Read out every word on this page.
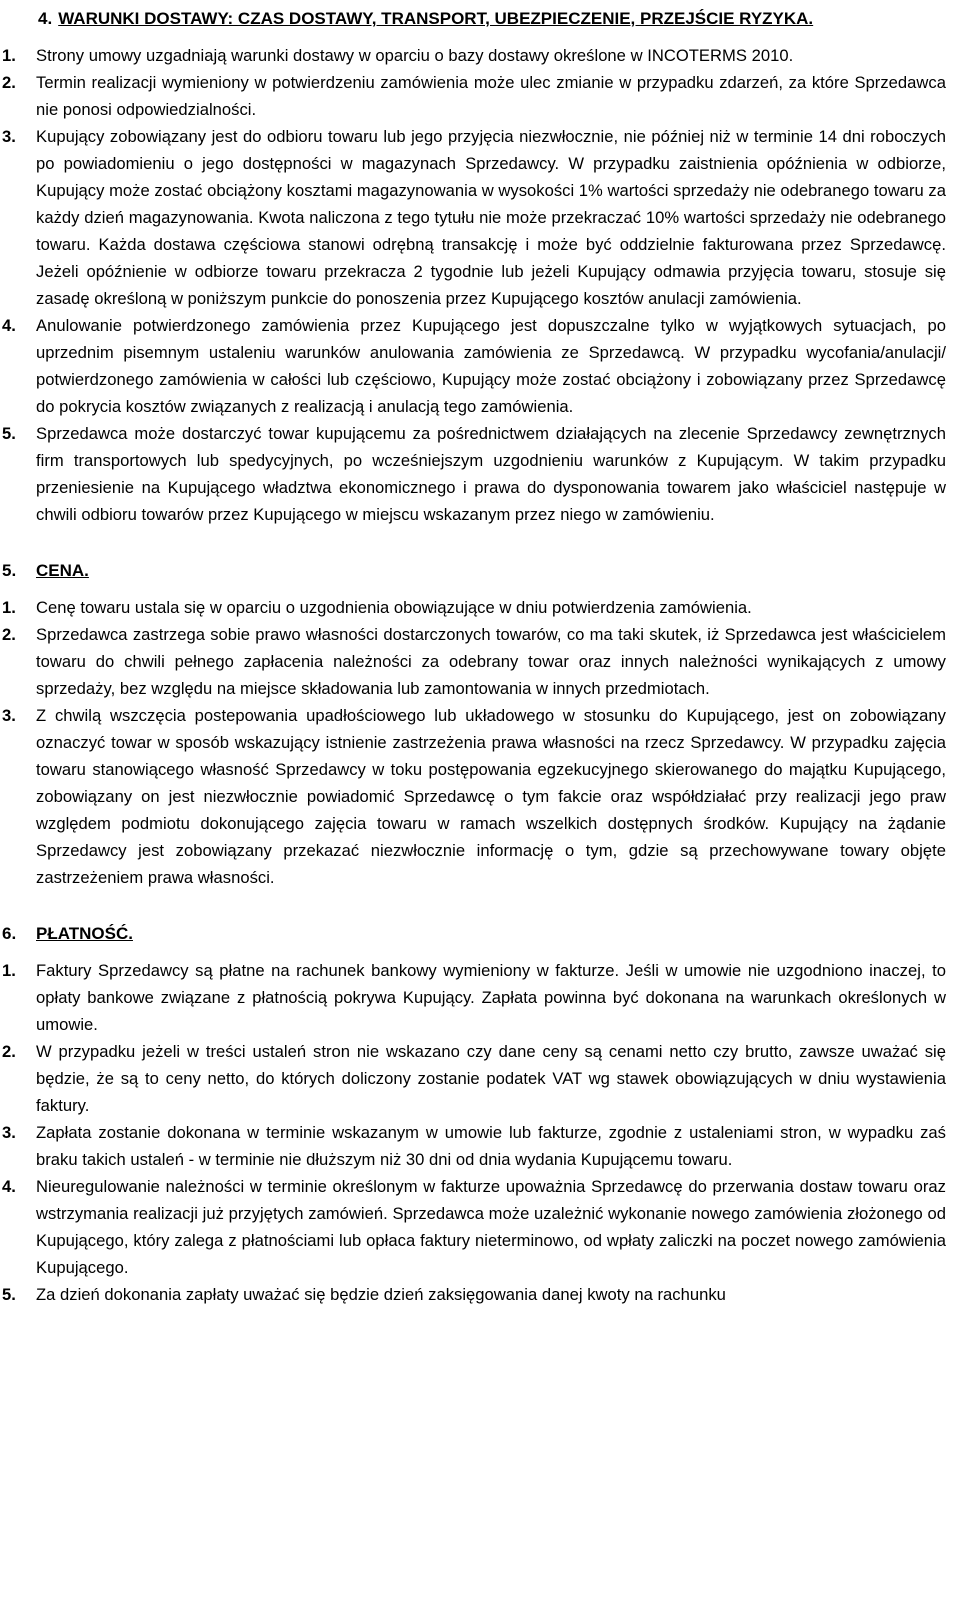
4. WARUNKI DOSTAWY: CZAS DOSTAWY, TRANSPORT, UBEZPIECZENIE, PRZEJŚCIE RYZYKA.
1.	Strony umowy uzgadniają warunki dostawy w oparciu o bazy dostawy określone w INCOTERMS 2010.
2.	Termin realizacji wymieniony w potwierdzeniu zamówienia może ulec zmianie w przypadku zdarzeń, za które Sprzedawca nie ponosi odpowiedzialności.
3.	Kupujący zobowiązany jest do odbioru towaru lub jego przyjęcia niezwłocznie, nie później niż w terminie 14 dni roboczych po powiadomieniu o jego dostępności w magazynach Sprzedawcy. W przypadku zaistnienia opóźnienia w odbiorze, Kupujący może zostać obciążony kosztami magazynowania w wysokości 1% wartości sprzedaży nie odebranego towaru za każdy dzień magazynowania. Kwota naliczona z tego tytułu nie może przekraczać 10% wartości sprzedaży nie odebranego towaru. Każda dostawa częściowa stanowi odrębną transakcję i może być oddzielnie fakturowana przez Sprzedawcę. Jeżeli opóźnienie w odbiorze towaru przekracza 2 tygodnie lub jeżeli Kupujący odmawia przyjęcia towaru, stosuje się zasadę określoną w poniższym punkcie do ponoszenia przez Kupującego kosztów anulacji zamówienia.
4.	Anulowanie potwierdzonego zamówienia przez Kupującego jest dopuszczalne tylko w wyjątkowych sytuacjach, po uprzednim pisemnym ustaleniu warunków anulowania zamówienia ze Sprzedawcą. W przypadku wycofania/anulacji/ potwierdzonego zamówienia w całości lub częściowo, Kupujący może zostać obciążony i zobowiązany przez Sprzedawcę do pokrycia kosztów związanych z realizacją i anulacją tego zamówienia.
5.	Sprzedawca może dostarczyć towar kupującemu za pośrednictwem działających na zlecenie Sprzedawcy zewnętrznych firm transportowych lub spedycyjnych, po wcześniejszym uzgodnieniu warunków z Kupującym. W takim przypadku przeniesienie na Kupującego władztwa ekonomicznego i prawa do dysponowania towarem jako właściciel następuje w chwili odbioru towarów przez Kupującego w miejscu wskazanym przez niego w zamówieniu.
5.	CENA.
1.	Cenę towaru ustala się w oparciu o uzgodnienia obowiązujące w dniu potwierdzenia zamówienia.
2.	Sprzedawca zastrzega sobie prawo własności dostarczonych towarów, co ma taki skutek, iż Sprzedawca jest właścicielem towaru do chwili pełnego zapłacenia należności za odebrany towar oraz innych należności wynikających z umowy sprzedaży, bez względu na miejsce składowania lub zamontowania w innych przedmiotach.
3.	Z chwilą wszczęcia postepowania upadłościowego lub układowego w stosunku do Kupującego, jest on zobowiązany oznaczyć towar w sposób wskazujący istnienie zastrzeżenia prawa własności na rzecz Sprzedawcy. W przypadku zajęcia towaru stanowiącego własność Sprzedawcy w toku postępowania egzekucyjnego skierowanego do majątku Kupującego, zobowiązany on jest niezwłocznie powiadomić Sprzedawcę o tym fakcie oraz współdziałać przy realizacji jego praw względem podmiotu dokonującego zajęcia towaru w ramach wszelkich dostępnych środków. Kupujący na żądanie Sprzedawcy jest zobowiązany przekazać niezwłocznie informację o tym, gdzie są przechowywane towary objęte zastrzeżeniem prawa własności.
6.	PŁATNOŚĆ.
1.	Faktury Sprzedawcy są płatne na rachunek bankowy wymieniony w fakturze. Jeśli w umowie nie uzgodniono inaczej, to opłaty bankowe związane z płatnością pokrywa Kupujący. Zapłata powinna być dokonana na warunkach określonych w umowie.
2.	W przypadku jeżeli w treści ustaleń stron nie wskazano czy dane ceny są cenami netto czy brutto, zawsze uważać się będzie, że są to ceny netto, do których doliczony zostanie podatek VAT wg stawek obowiązujących w dniu wystawienia faktury.
3.	Zapłata zostanie dokonana w terminie wskazanym w umowie lub fakturze, zgodnie z ustaleniami stron, w wypadku zaś braku takich ustaleń - w terminie nie dłuższym niż 30 dni od dnia wydania Kupującemu towaru.
4.	Nieuregulowanie należności w terminie określonym w fakturze upoważnia Sprzedawcę do przerwania dostaw towaru oraz wstrzymania realizacji już przyjętych zamówień. Sprzedawca może uzależnić wykonanie nowego zamówienia złożonego od Kupującego, który zalega z płatnościami lub opłaca faktury nieterminowo, od wpłaty zaliczki na poczet nowego zamówienia Kupującego.
5.	Za dzień dokonania zapłaty uważać się będzie dzień zaksięgowania danej kwoty na rachunku
